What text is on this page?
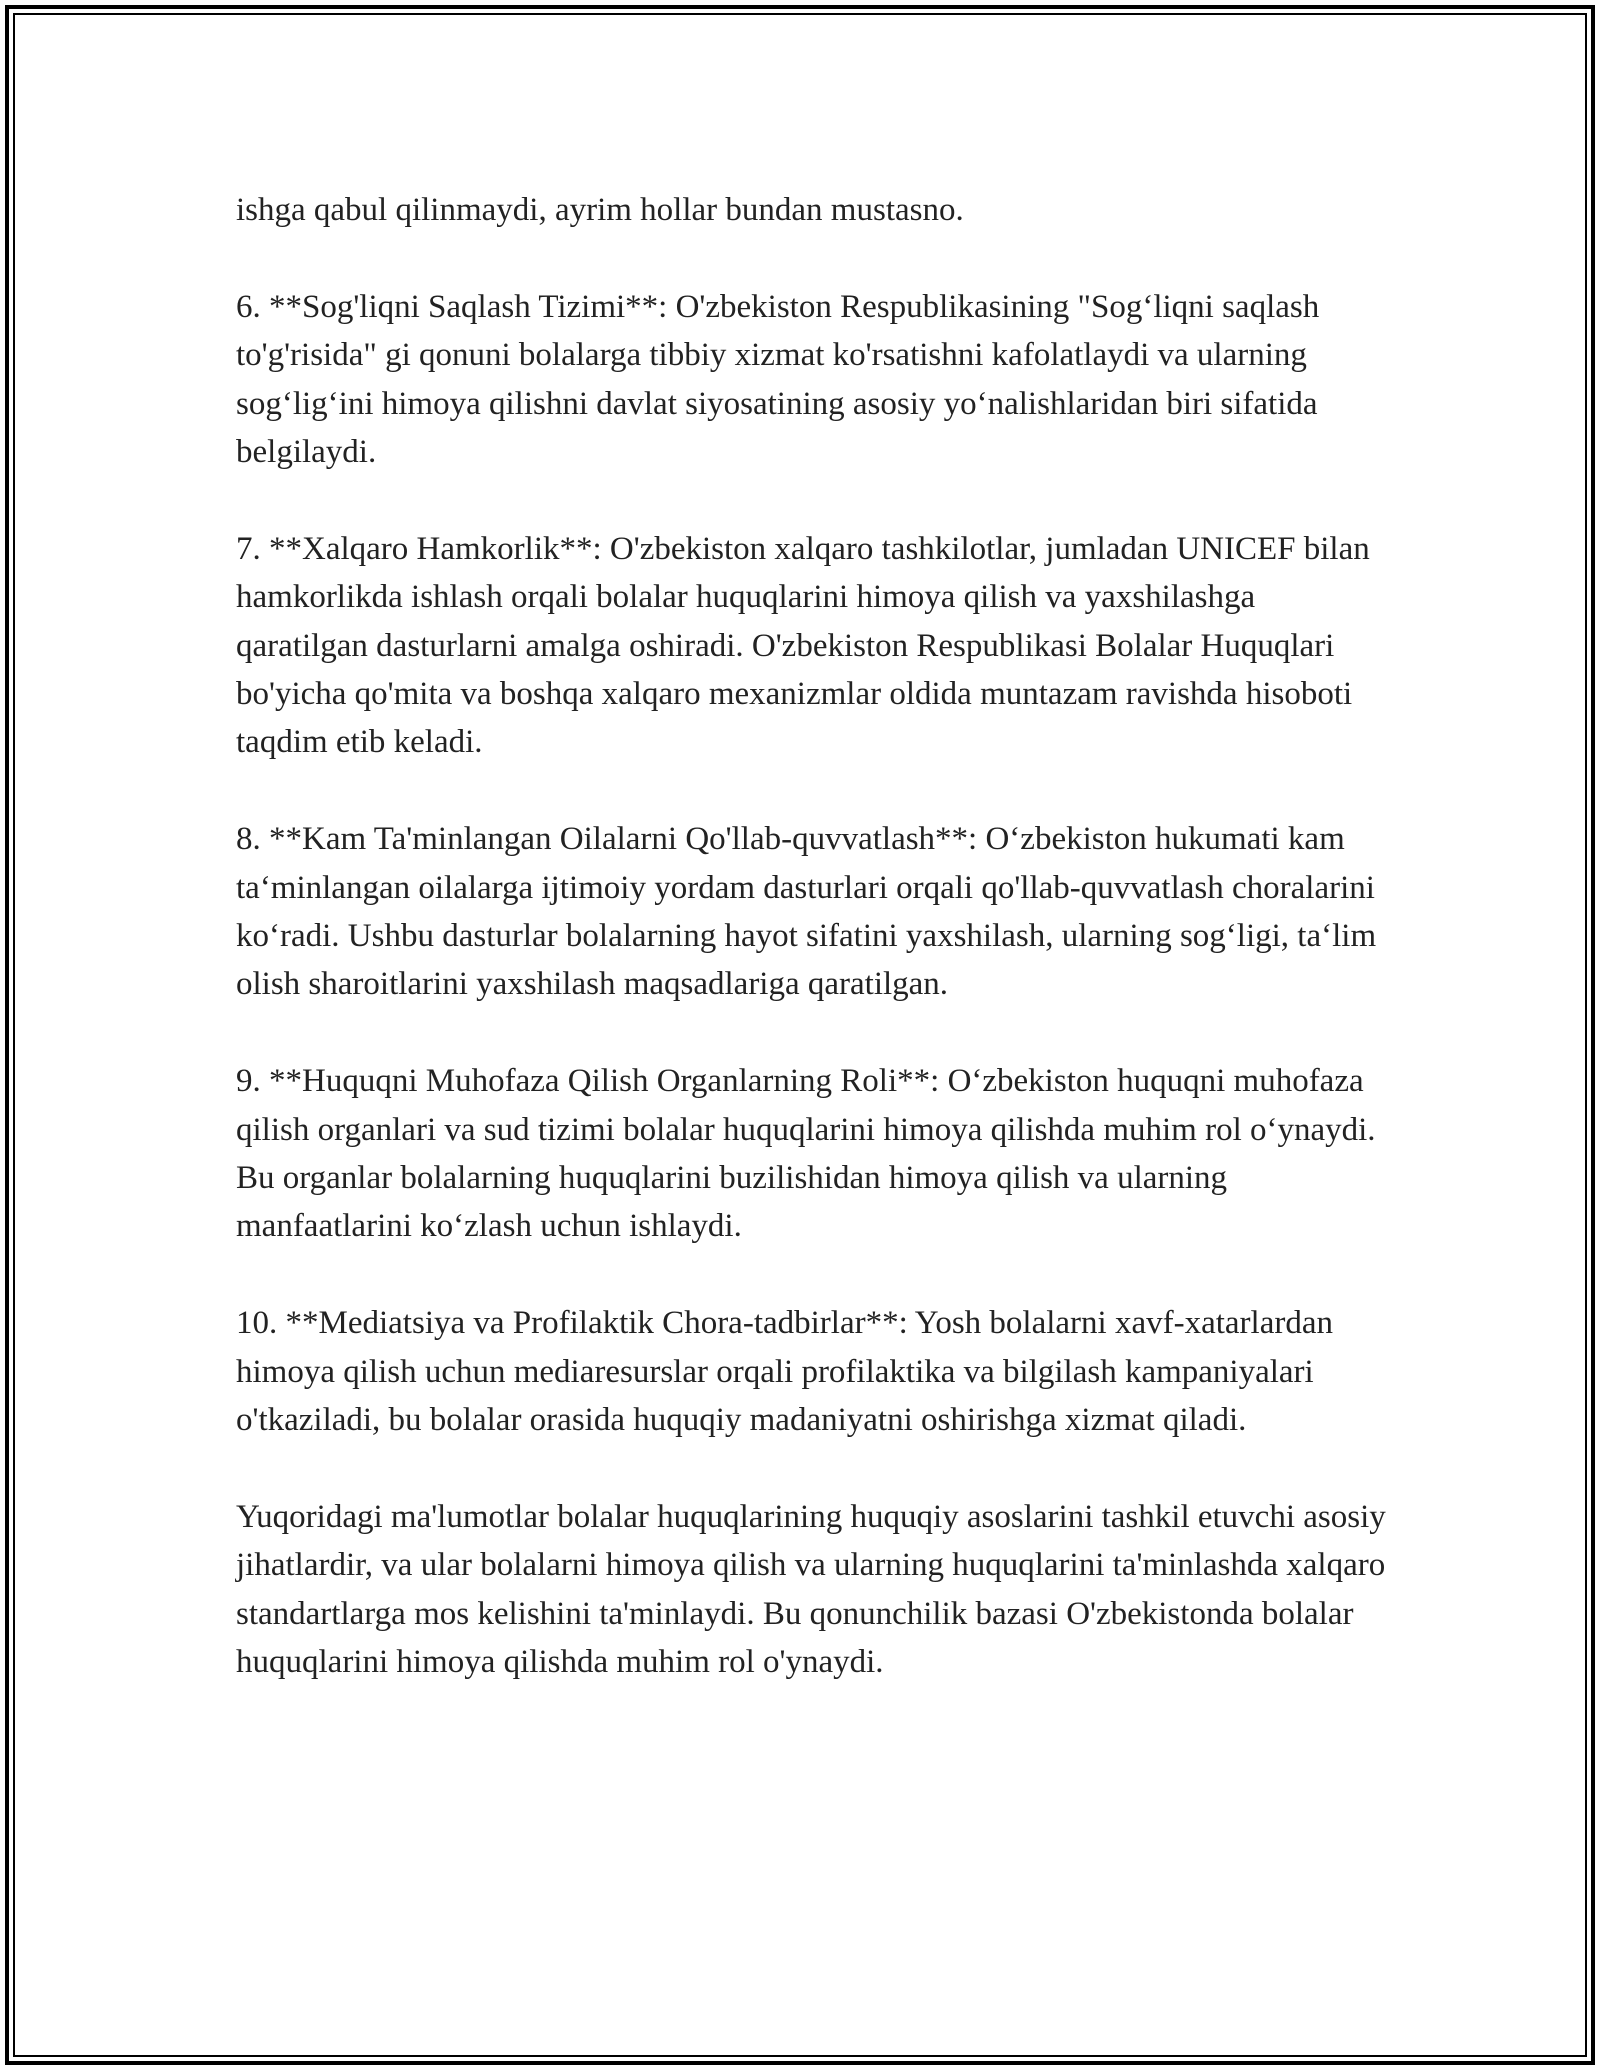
ishga qabul qilinmaydi, ayrim hollar bundan mustasno.

6. **Sog'liqni Saqlash Tizimi**: O'zbekiston Respublikasining "Sog‘liqni saqlash to'g'risida" gi qonuni bolalarga tibbiy xizmat ko'rsatishni kafolatlaydi va ularning sog‘lig‘ini himoya qilishni davlat siyosatining asosiy yo‘nalishlaridan biri sifatida belgilaydi.

7. **Xalqaro Hamkorlik**: O'zbekiston xalqaro tashkilotlar, jumladan UNICEF bilan hamkorlikda ishlash orqali bolalar huquqlarini himoya qilish va yaxshilashga qaratilgan dasturlarni amalga oshiradi. O'zbekiston Respublikasi Bolalar Huquqlari bo'yicha qo'mita va boshqa xalqaro mexanizmlar oldida muntazam ravishda hisoboti taqdim etib keladi.

8. **Kam Ta'minlangan Oilalarni Qo'llab-quvvatlash**: O‘zbekiston hukumati kam ta‘minlangan oilalarga ijtimoiy yordam dasturlari orqali qo'llab-quvvatlash choralarini ko‘radi. Ushbu dasturlar bolalarning hayot sifatini yaxshilash, ularning sog‘ligi, ta‘lim olish sharoitlarini yaxshilash maqsadlariga qaratilgan.

9. **Huquqni Muhofaza Qilish Organlarning Roli**: O‘zbekiston huquqni muhofaza qilish organlari va sud tizimi bolalar huquqlarini himoya qilishda muhim rol o‘ynaydi. Bu organlar bolalarning huquqlarini buzilishidan himoya qilish va ularning manfaatlarini ko‘zlash uchun ishlaydi.

10. **Mediatsiya va Profilaktik Chora-tadbirlar**: Yosh bolalarni xavf-xatarlardan himoya qilish uchun mediaresurslar orqali profilaktika va bilgilash kampaniyalari o'tkaziladi, bu bolalar orasida huquqiy madaniyatni oshirishga xizmat qiladi.

Yuqoridagi ma'lumotlar bolalar huquqlarining huquqiy asoslarini tashkil etuvchi asosiy jihatlardir, va ular bolalarni himoya qilish va ularning huquqlarini ta'minlashda xalqaro standartlarga mos kelishini ta'minlaydi. Bu qonunchilik bazasi O'zbekistonda bolalar huquqlarini himoya qilishda muhim rol o'ynaydi.
